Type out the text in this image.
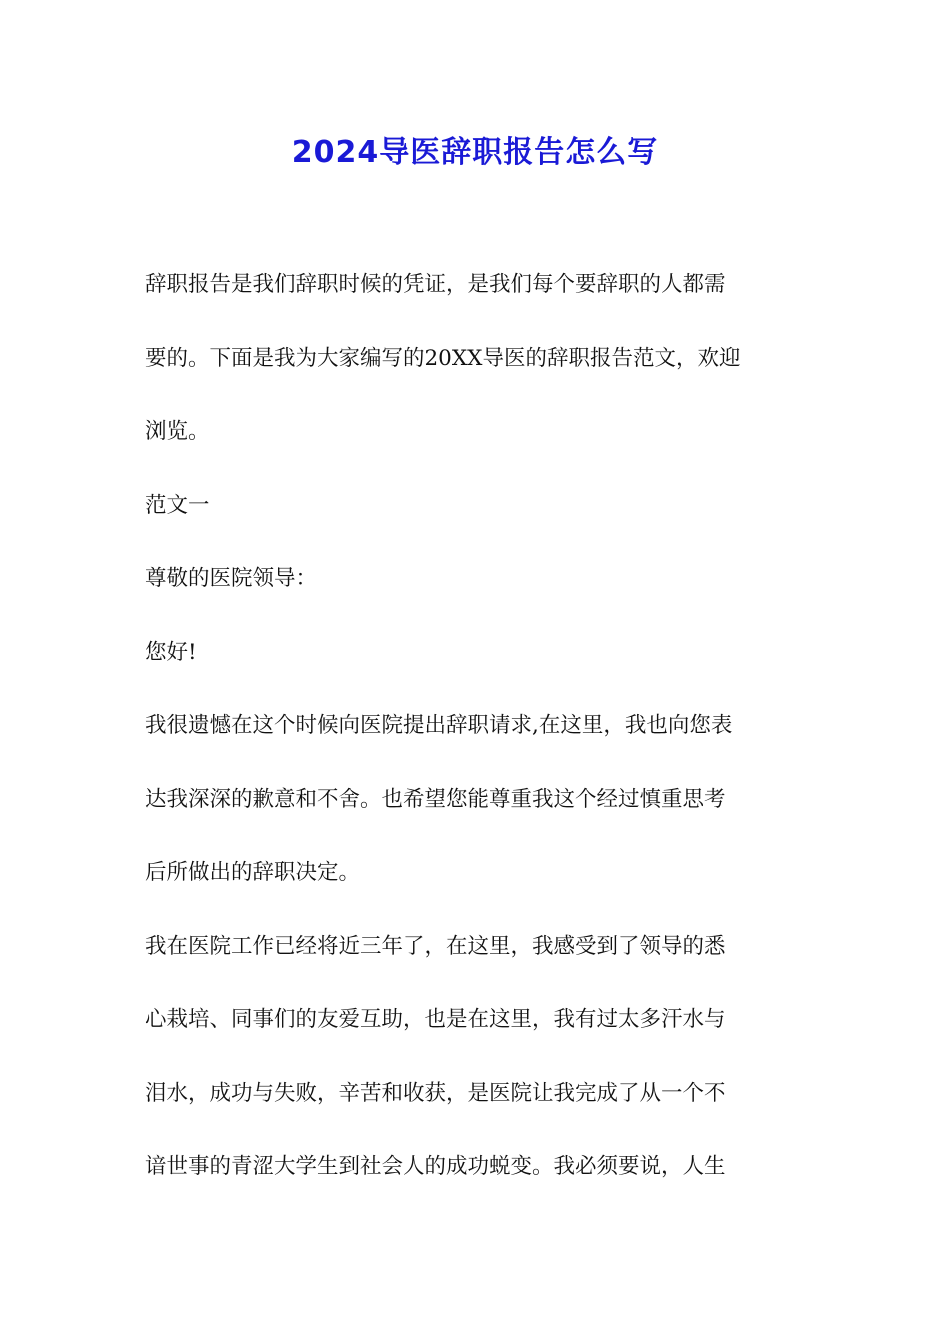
2024导医辞职报告怎么写
辞职报告是我们辞职时候的凭证，是我们每个要辞职的人都需
要的。下面是我为大家编写的20XX导医的辞职报告范文，欢迎
浏览。
范文一
尊敬的医院领导：
您好!
我很遗憾在这个时候向医院提出辞职请求,在这里，我也向您表
达我深深的歉意和不舍。也希望您能尊重我这个经过慎重思考
后所做出的辞职决定。
我在医院工作已经将近三年了，在这里，我感受到了领导的悉
心栽培、同事们的友爱互助，也是在这里，我有过太多汗水与
泪水，成功与失败，辛苦和收获，是医院让我完成了从一个不
谙世事的青涩大学生到社会人的成功蜕变。我必须要说，人生
